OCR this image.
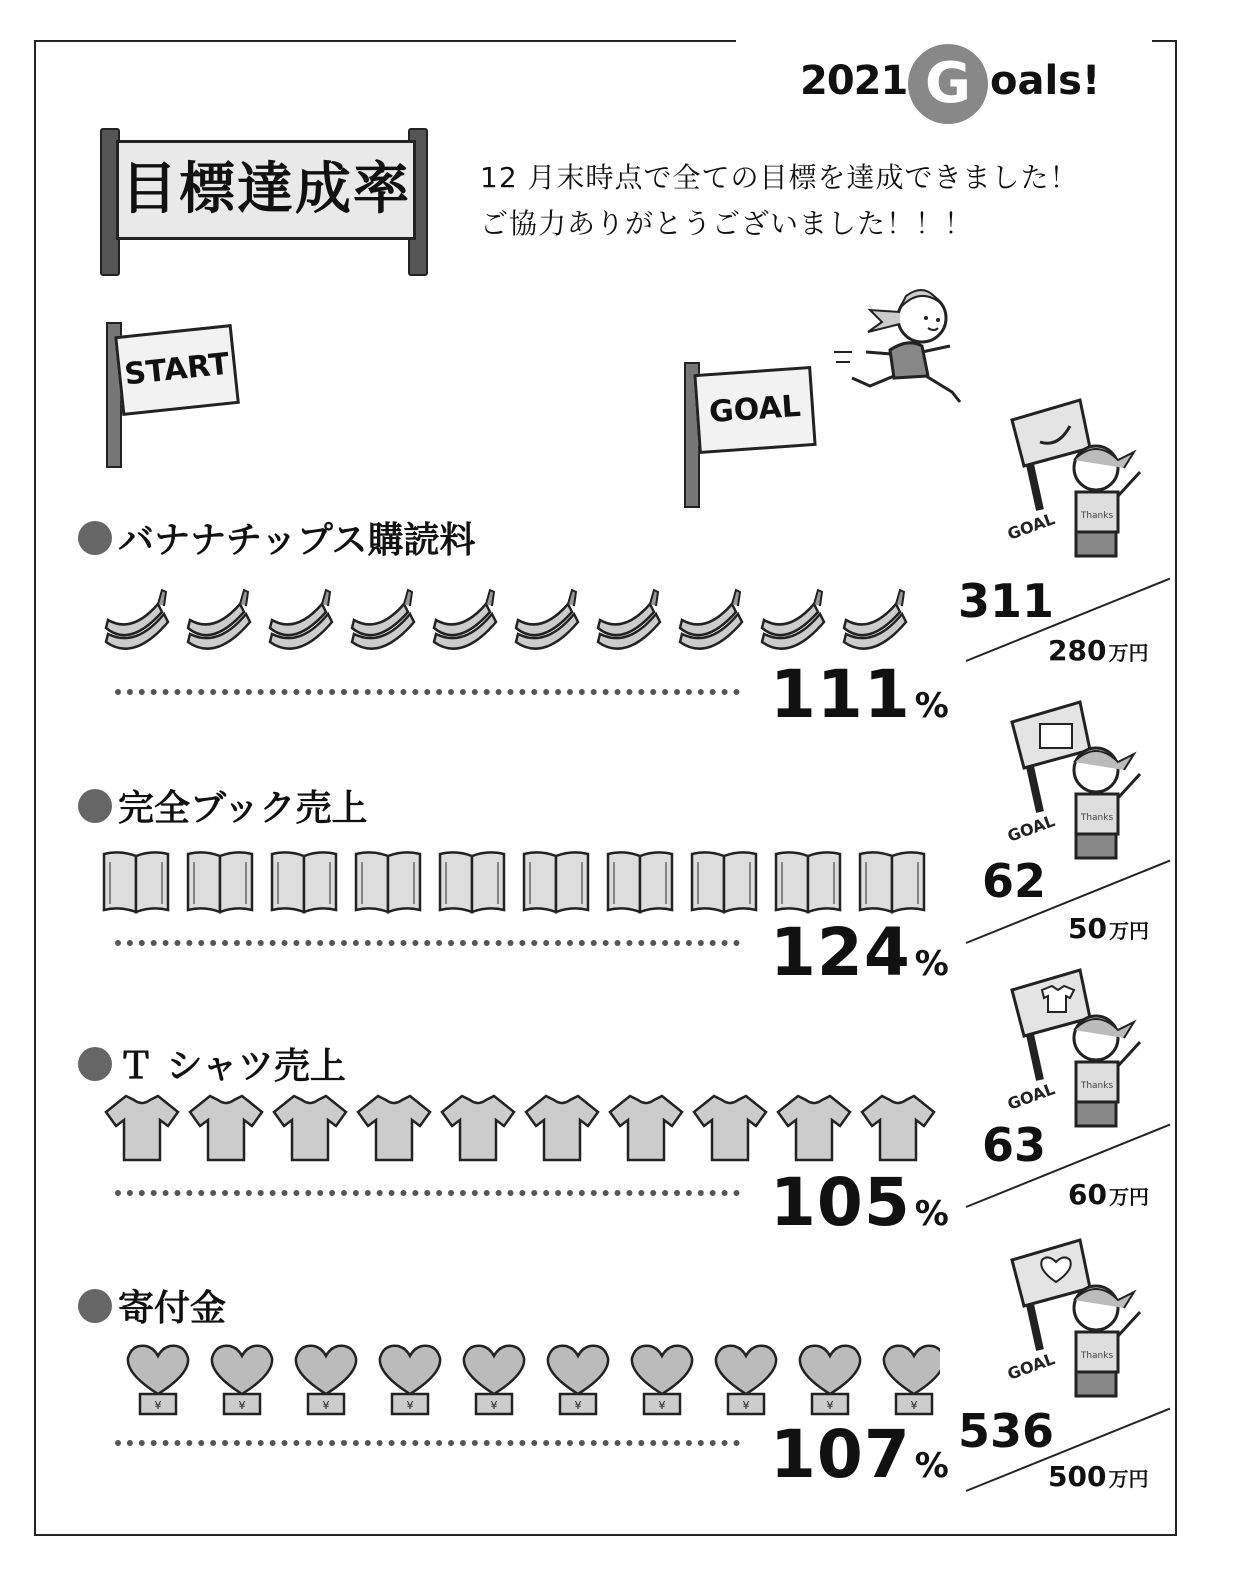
2021 G oals!
目標達成率 12 月末時点で全ての目標を達成できました！
ご協力ありがとうございました！！！
START
GOAL
バナナチップス購読料
111 %
完全ブック売上
124 %
Ｔ シャツ売上
105 %
寄付金
¥
107 %
Thanks
GOAL
Thanks
GOAL
Thanks
GOAL
Thanks
GOAL
311
280 万円
62
50 万円
63
60 万円
536
500 万円
